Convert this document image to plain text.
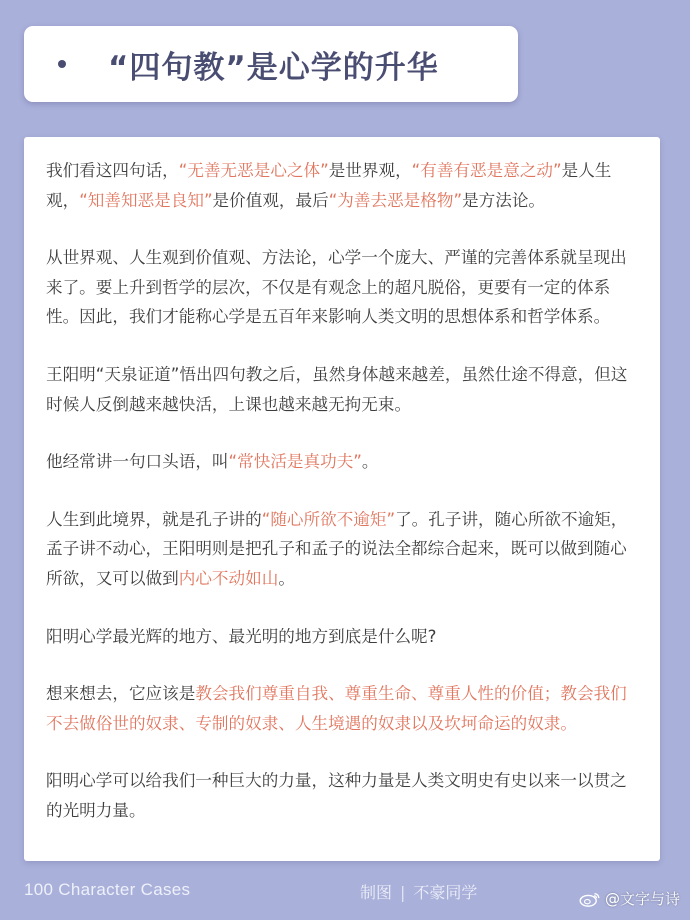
“四句教”是心学的升华

我们看这四句话，“无善无恶是心之体”是世界观，“有善有恶是意之动”是人生观，“知善知恶是良知”是价值观，最后“为善去恶是格物”是方法论。

从世界观、人生观到价值观、方法论，心学一个庞大、严谨的完善体系就呈现出来了。要上升到哲学的层次，不仅是有观念上的超凡脱俗，更要有一定的体系性。因此，我们才能称心学是五百年来影响人类文明的思想体系和哲学体系。

王阳明“天泉证道”悟出四句教之后，虽然身体越来越差，虽然仕途不得意，但这时候人反倒越来越快活，上课也越来越无拘无束。

他经常讲一句口头语，叫“常快活是真功夫”。

人生到此境界，就是孔子讲的“随心所欲不逾矩”了。孔子讲，随心所欲不逾矩，孟子讲不动心，王阳明则是把孔子和孟子的说法全都综合起来，既可以做到随心所欲，又可以做到内心不动如山。

阳明心学最光辉的地方、最光明的地方到底是什么呢?

想来想去，它应该是教会我们尊重自我、尊重生命、尊重人性的价值；教会我们不去做俗世的奴隶、专制的奴隶、人生境遇的奴隶以及坎坷命运的奴隶。

阳明心学可以给我们一种巨大的力量，这种力量是人类文明史有史以来一以贯之的光明力量。

100 Character Cases	制图 | 不豪同学	@文字与诗
